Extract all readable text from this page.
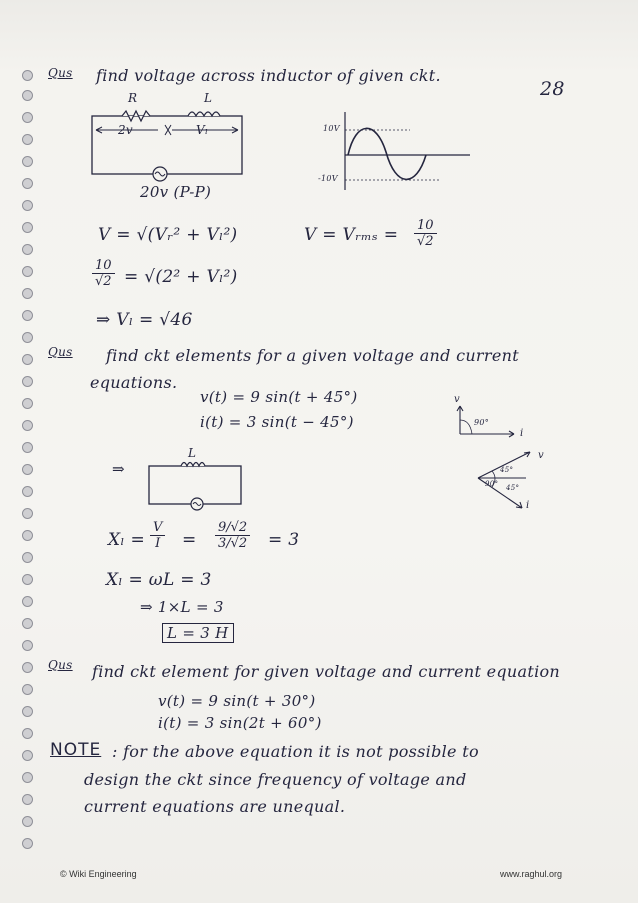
28
Qus find voltage across inductor of given ckt.
R	L
2v	Vₗ
20v (P-P)
10V
-10V
V = √(Vᵣ² + Vₗ²)	V = Vᵣₘₛ = $\frac{10}{√2}$
$\frac{10}{√2} = √(2^2 + V_l^2)$
⇒ Vₗ = √46
Qus find ckt elements for a given voltage and current
equations.
v(t) = 9 sin(t + 45°)
i(t) = 3 sin(t − 45°)
v
i
90°
v
i
45°
90° 45°
⇒
L
$X_l = \frac{V}{I} = \frac{9/√2}{3/√2} = 3$
Xₗ = ωL = 3
⇒ 1×L = 3
L = 3 H
Qus find ckt element for given voltage and current equation
v(t) = 9 sin(t + 30°)
i(t) = 3 sin(2t + 60°)
NOTE : for the above equation it is not possible to
design the ckt since frequency of voltage and
current equations are unequal.
© Wiki Engineering	www.raghul.org
